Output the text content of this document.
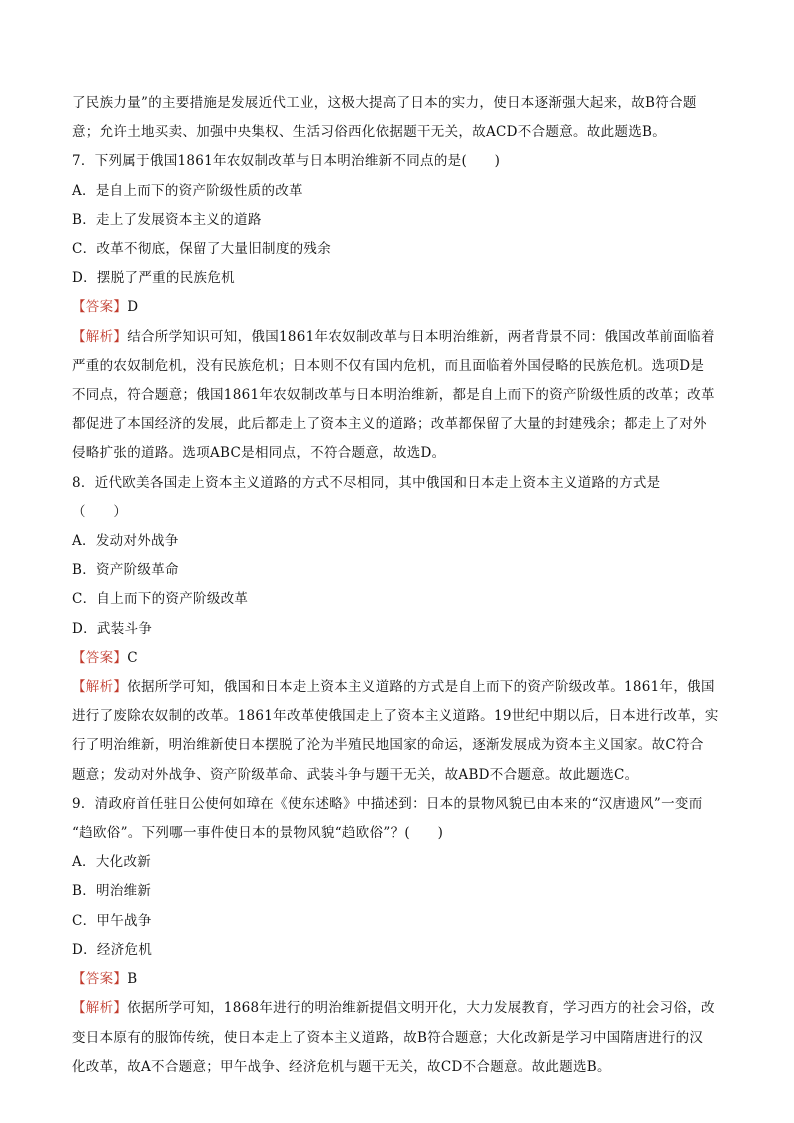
了民族力量”的主要措施是发展近代工业，这极大提高了日本的实力，使日本逐渐强大起来，故B符合题

意；允许土地买卖、加强中央集权、生活习俗西化依据题干无关，故ACD不合题意。故此题选B。

7．下列属于俄国1861年农奴制改革与日本明治维新不同点的是(　　)

A．是自上而下的资产阶级性质的改革

B．走上了发展资本主义的道路

C．改革不彻底，保留了大量旧制度的残余

D．摆脱了严重的民族危机

【答案】D

【解析】结合所学知识可知，俄国1861年农奴制改革与日本明治维新，两者背景不同：俄国改革前面临着

严重的农奴制危机，没有民族危机；日本则不仅有国内危机，而且面临着外国侵略的民族危机。选项D是

不同点，符合题意；俄国1861年农奴制改革与日本明治维新，都是自上而下的资产阶级性质的改革；改革

都促进了本国经济的发展，此后都走上了资本主义的道路；改革都保留了大量的封建残余；都走上了对外

侵略扩张的道路。选项ABC是相同点，不符合题意，故选D。

8．近代欧美各国走上资本主义道路的方式不尽相同，其中俄国和日本走上资本主义道路的方式是

（　　）

A．发动对外战争

B．资产阶级革命

C．自上而下的资产阶级改革

D．武装斗争

【答案】C

【解析】依据所学可知，俄国和日本走上资本主义道路的方式是自上而下的资产阶级改革。1861年，俄国

进行了废除农奴制的改革。1861年改革使俄国走上了资本主义道路。19世纪中期以后，日本进行改革，实

行了明治维新，明治维新使日本摆脱了沦为半殖民地国家的命运，逐渐发展成为资本主义国家。故C符合

题意；发动对外战争、资产阶级革命、武装斗争与题干无关，故ABD不合题意。故此题选C。

9．清政府首任驻日公使何如璋在《使东述略》中描述到：日本的景物风貌已由本来的“汉唐遗风”一变而

“趋欧俗”。下列哪一事件使日本的景物风貌“趋欧俗”？(　　)

A．大化改新

B．明治维新

C．甲午战争

D．经济危机

【答案】B

【解析】依据所学可知，1868年进行的明治维新提倡文明开化，大力发展教育，学习西方的社会习俗，改

变日本原有的服饰传统，使日本走上了资本主义道路，故B符合题意；大化改新是学习中国隋唐进行的汉

化改革，故A不合题意；甲午战争、经济危机与题干无关，故CD不合题意。故此题选B。
